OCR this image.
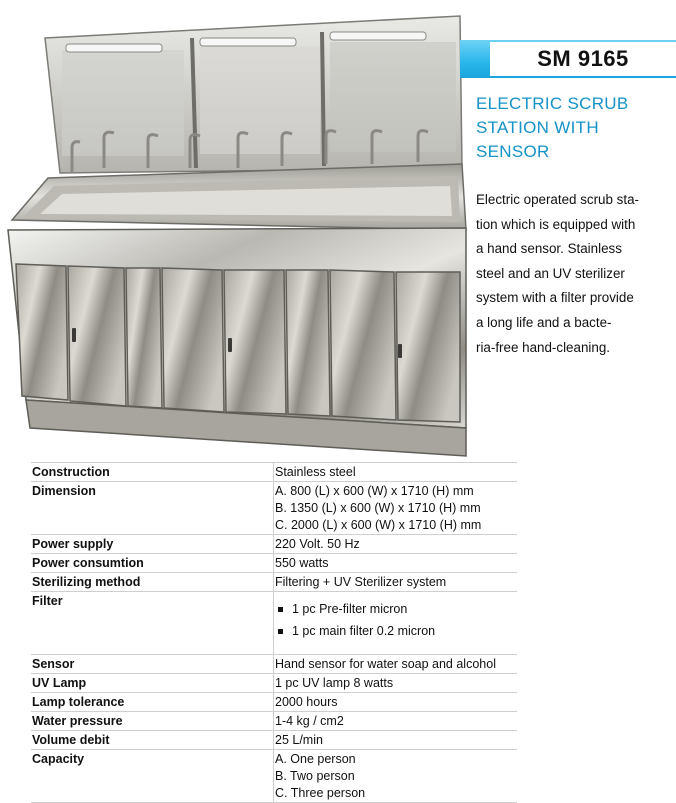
SM 9165
ELECTRIC SCRUB
STATION WITH
SENSOR
Electric operated scrub sta-
tion which is equipped with
a hand sensor. Stainless
steel and an UV sterilizer
system with a filter provide
a long life and a bacte-
ria-free hand-cleaning.
Construction	Stainless steel
Dimension	A. 800 (L) x 600 (W) x 1710 (H) mm
B. 1350 (L) x 600 (W) x 1710 (H) mm
C. 2000 (L) x 600 (W) x 1710 (H) mm
Power supply	220 Volt. 50 Hz
Power consumtion	550 watts
Sterilizing method	Filtering + UV Sterilizer system
Filter
1 pc Pre-filter micron
1 pc main filter 0.2 micron
Sensor	Hand sensor for water soap and alcohol
UV Lamp	1 pc UV lamp 8 watts
Lamp tolerance	2000 hours
Water pressure	1-4 kg / cm2
Volume debit	25 L/min
Capacity	A. One person
B. Two person
C. Three person
